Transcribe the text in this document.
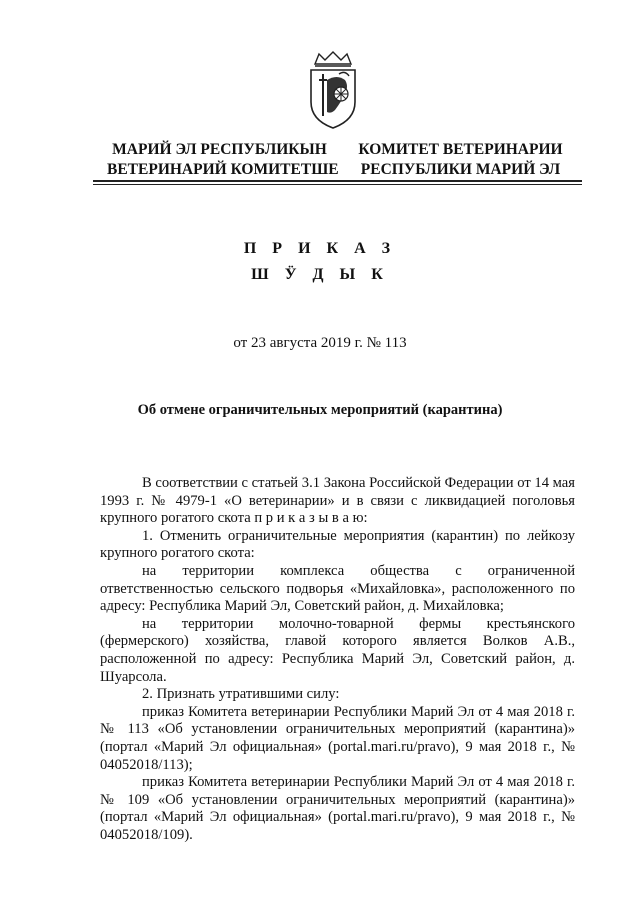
МАРИЙ ЭЛ РЕСПУБЛИКЫН
ВЕТЕРИНАРИЙ КОМИТЕТШЕ
КОМИТЕТ ВЕТЕРИНАРИИ
РЕСПУБЛИКИ МАРИЙ ЭЛ
П Р И К А З
Ш Ӱ Д Ы К
от 23 августа 2019 г. № 113
Об отмене ограничительных мероприятий (карантина)

В соответствии с статьей 3.1 Закона Российской Федерации от 14 мая 1993 г. № 4979-1 «О ветеринарии» и в связи с ликвидацией поголовья крупного рогатого скота п р и к а з ы в а ю:

1. Отменить ограничительные мероприятия (карантин) по лейкозу крупного рогатого скота:

на территории комплекса общества с ограниченной ответственностью сельского подворья «Михайловка», расположенного по адресу: Республика Марий Эл, Советский район, д. Михайловка;

на территории молочно-товарной фермы крестьянского (фермерского) хозяйства, главой которого является Волков А.В., расположенной по адресу: Республика Марий Эл, Советский район, д. Шуарсола.

2. Признать утратившими силу:

приказ Комитета ветеринарии Республики Марий Эл от 4 мая 2018 г. № 113 «Об установлении ограничительных мероприятий (карантина)» (портал «Марий Эл официальная» (portal.mari.ru/pravo), 9 мая 2018 г., № 04052018/113);

приказ Комитета ветеринарии Республики Марий Эл от 4 мая 2018 г. № 109 «Об установлении ограничительных мероприятий (карантина)» (портал «Марий Эл официальная» (portal.mari.ru/pravo), 9 мая 2018 г., № 04052018/109).
